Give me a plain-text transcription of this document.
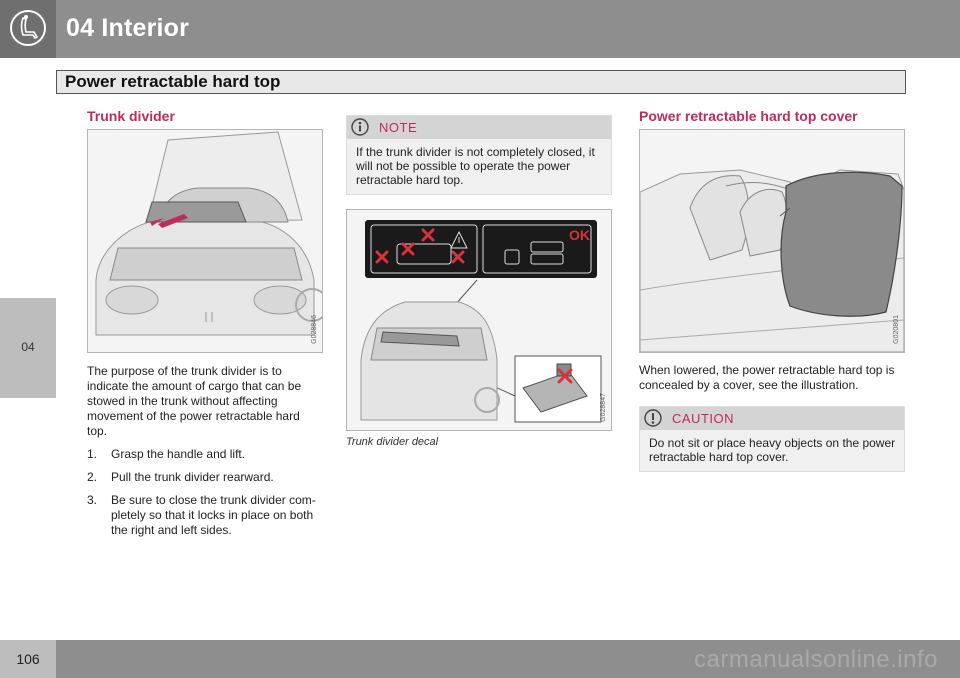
04 Interior
04
Power retractable hard top
Trunk divider
G028846

The purpose of the trunk divider is to indicate the amount of cargo that can be stowed in the trunk without affecting movement of the power retractable hard top.

1. Grasp the handle and lift.
2. Pull the trunk divider rearward.
3. Be sure to close the trunk divider com-pletely so that it locks in place on both the right and left sides.
NOTE
If the trunk divider is not completely closed, it will not be possible to operate the power retractable hard top.
OK
G028847

Trunk divider decal

Power retractable hard top cover
G020801

When lowered, the power retractable hard top is concealed by a cover, see the illustration.

CAUTION
Do not sit or place heavy objects on the power retractable hard top cover.
106	carmanualsonline.info
